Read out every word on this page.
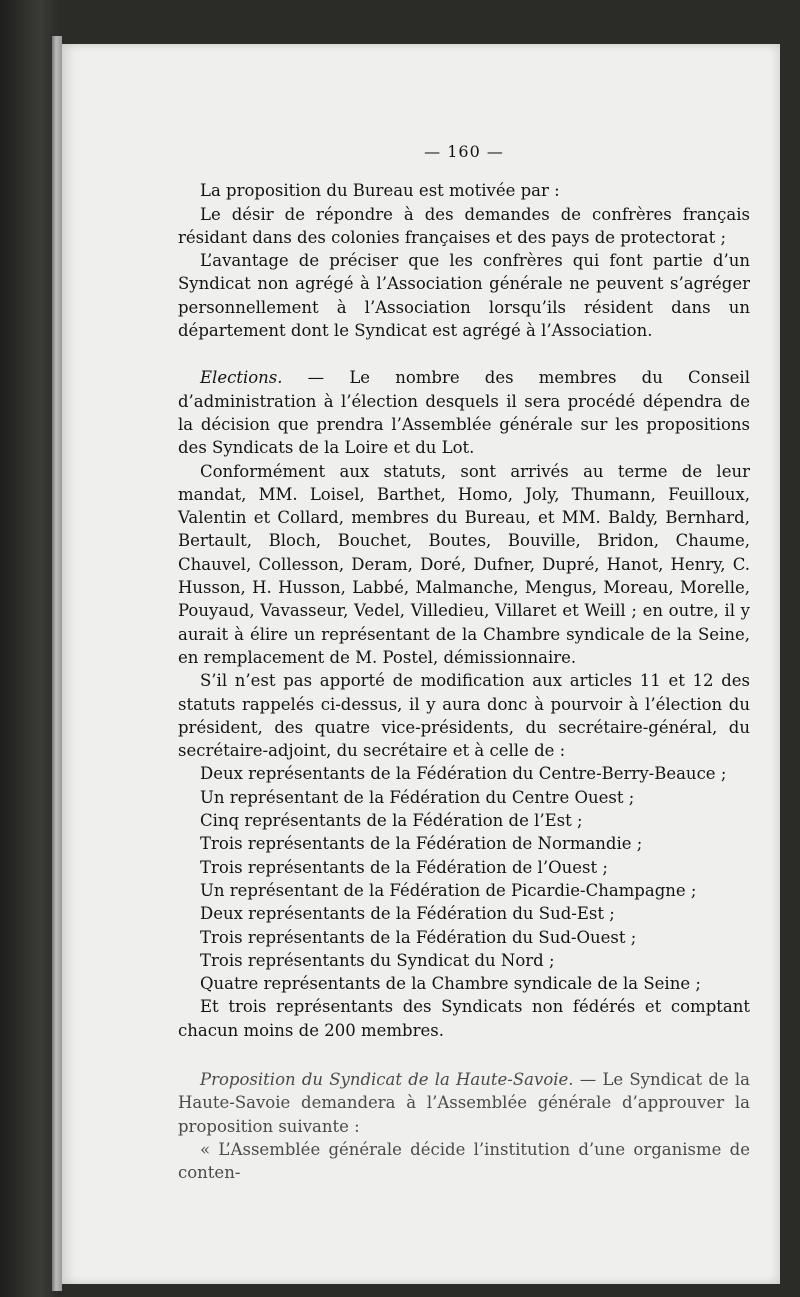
— 160 —

La proposition du Bureau est motivée par :

Le désir de répondre à des demandes de confrères français résidant dans des colonies françaises et des pays de protectorat ;

L’avantage de préciser que les confrères qui font partie d’un Syndicat non agrégé à l’Association générale ne peuvent s’agréger personnellement à l’Association lorsqu’ils résident dans un département dont le Syndicat est agrégé à l’Association.

Elections. — Le nombre des membres du Conseil d’administration à l’élection desquels il sera procédé dépendra de la décision que prendra l’Assemblée générale sur les propositions des Syndicats de la Loire et du Lot.

Conformément aux statuts, sont arrivés au terme de leur mandat, MM. Loisel, Barthet, Homo, Joly, Thumann, Feuilloux, Valentin et Collard, membres du Bureau, et MM. Baldy, Bernhard, Bertault, Bloch, Bouchet, Boutes, Bouville, Bridon, Chaume, Chauvel, Collesson, Deram, Doré, Dufner, Dupré, Hanot, Henry, C. Husson, H. Husson, Labbé, Malmanche, Mengus, Moreau, Morelle, Pouyaud, Vavasseur, Vedel, Villedieu, Villaret et Weill ; en outre, il y aurait à élire un représentant de la Chambre syndicale de la Seine, en remplacement de M. Postel, démissionnaire.

S’il n’est pas apporté de modification aux articles 11 et 12 des statuts rappelés ci-dessus, il y aura donc à pourvoir à l’élection du président, des quatre vice-présidents, du secrétaire-général, du secrétaire-adjoint, du secrétaire et à celle de :

Deux représentants de la Fédération du Centre-Berry-Beauce ;

Un représentant de la Fédération du Centre Ouest ;

Cinq représentants de la Fédération de l’Est ;

Trois représentants de la Fédération de Normandie ;

Trois représentants de la Fédération de l’Ouest ;

Un représentant de la Fédération de Picardie-Champagne ;

Deux représentants de la Fédération du Sud-Est ;

Trois représentants de la Fédération du Sud-Ouest ;

Trois représentants du Syndicat du Nord ;

Quatre représentants de la Chambre syndicale de la Seine ;

Et trois représentants des Syndicats non fédérés et comptant chacun moins de 200 membres.

Proposition du Syndicat de la Haute-Savoie. — Le Syndicat de la Haute-Savoie demandera à l’Assemblée générale d’approuver la proposition suivante :

« L’Assemblée générale décide l’institution d’une organisme de conten-
